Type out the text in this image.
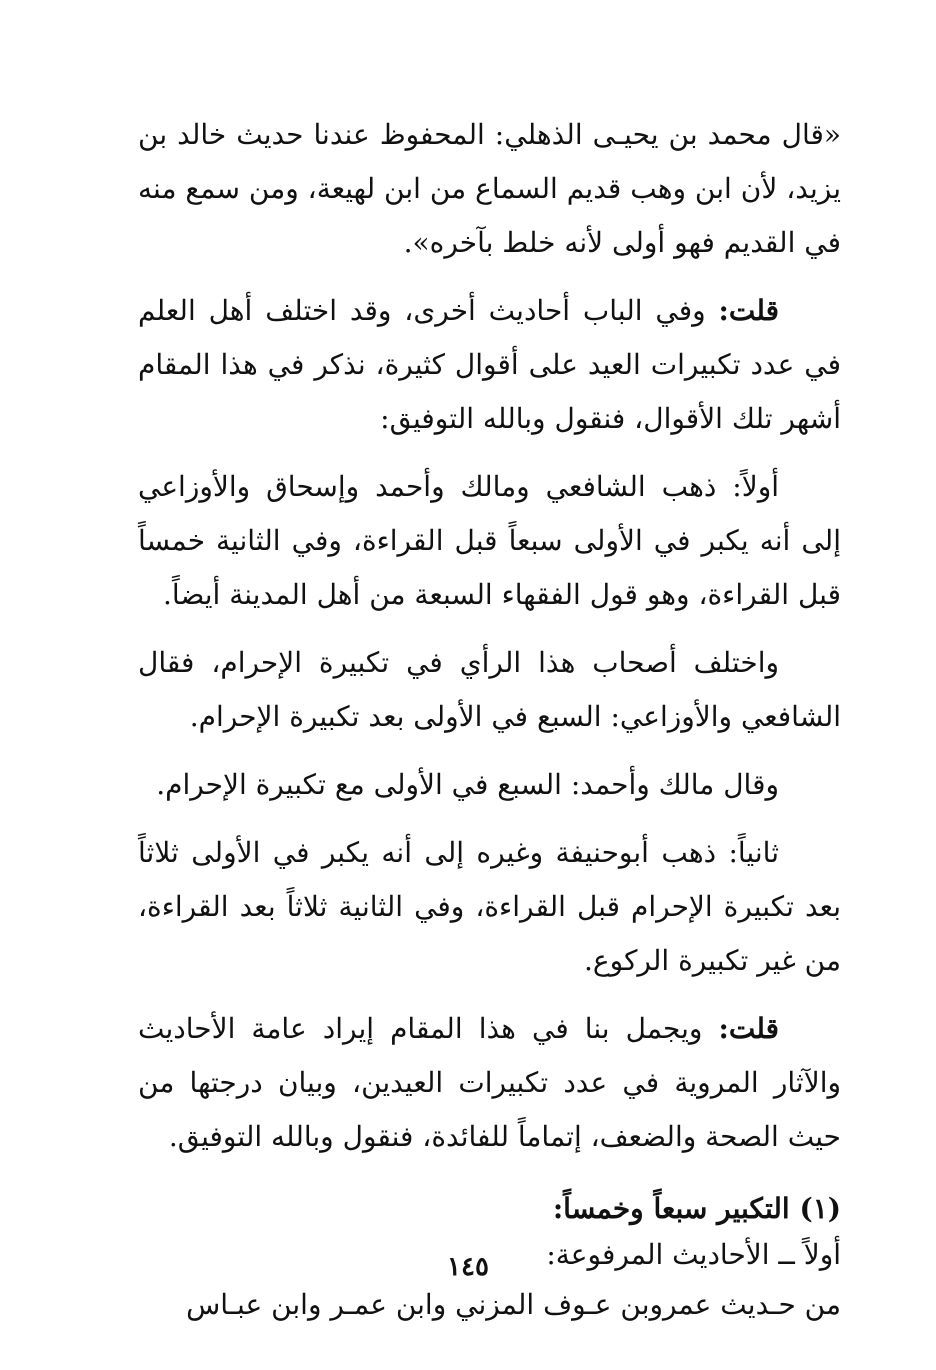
«قال محمد بن يحيـى الذهلي: المحفوظ عندنا حديث خالد بن يزيد، لأن ابن وهب قديم السماع من ابن لهيعة، ومن سمع منه في القديم فهو أولى لأنه خلط بآخره».

قلت: وفي الباب أحاديث أخرى، وقد اختلف أهل العلم في عدد تكبيرات العيد على أقوال كثيرة، نذكر في هذا المقام أشهر تلك الأقوال، فنقول وبالله التوفيق:

أولاً: ذهب الشافعي ومالك وأحمد وإسحاق والأوزاعي إلى أنه يكبر في الأولى سبعاً قبل القراءة، وفي الثانية خمساً قبل القراءة، وهو قول الفقهاء السبعة من أهل المدينة أيضاً.

واختلف أصحاب هذا الرأي في تكبيرة الإحرام، فقال الشافعي والأوزاعي: السبع في الأولى بعد تكبيرة الإحرام.

وقال مالك وأحمد: السبع في الأولى مع تكبيرة الإحرام.

ثانياً: ذهب أبوحنيفة وغيره إلى أنه يكبر في الأولى ثلاثاً بعد تكبيرة الإحرام قبل القراءة، وفي الثانية ثلاثاً بعد القراءة، من غير تكبيرة الركوع.

قلت: ويجمل بنا في هذا المقام إيراد عامة الأحاديث والآثار المروية في عدد تكبيرات العيدين، وبيان درجتها من حيث الصحة والضعف، إتماماً للفائدة، فنقول وبالله التوفيق.

(١) التكبير سبعاً وخمساً:

أولاً ــ الأحاديث المرفوعة:

من حـديث عمروبن عـوف المزني وابن عمـر وابن عبـاس

١٤٥
